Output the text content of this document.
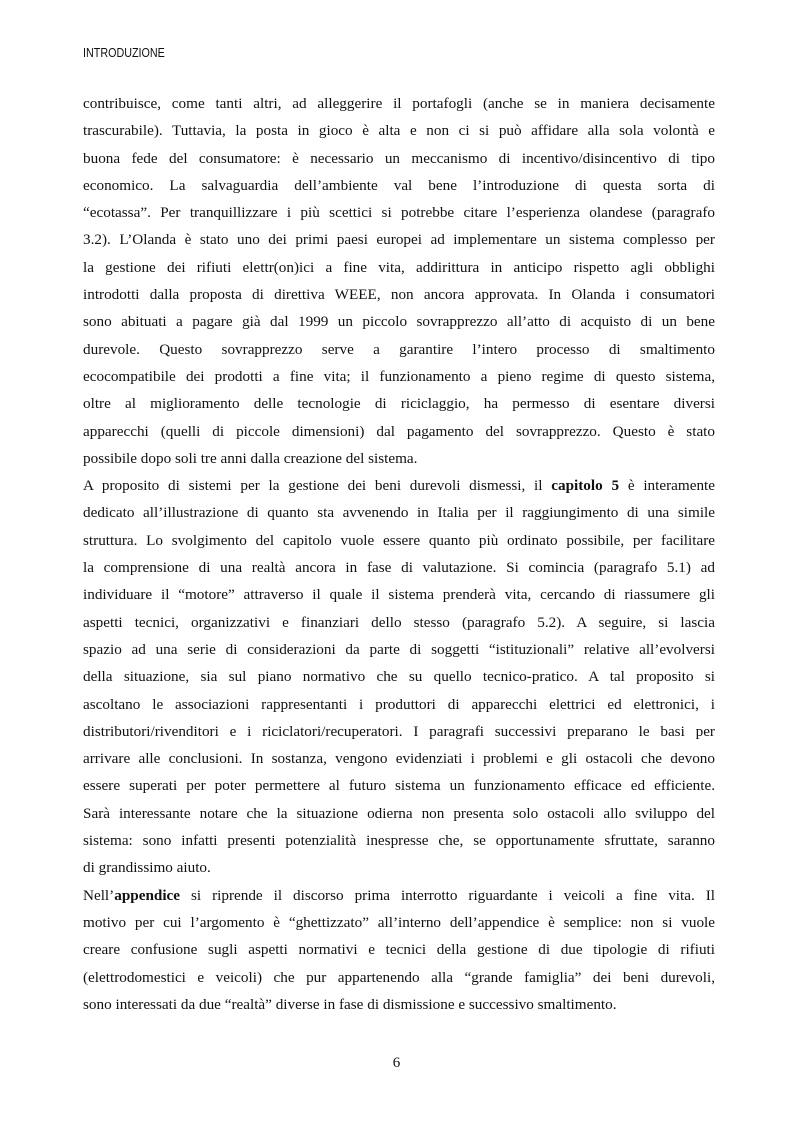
INTRODUZIONE
contribuisce, come tanti altri, ad alleggerire il portafogli (anche se in maniera decisamente
trascurabile). Tuttavia, la posta in gioco è alta e non ci si può affidare alla sola volontà e
buona fede del consumatore: è necessario un meccanismo di incentivo/disincentivo di tipo
economico. La salvaguardia dell’ambiente val bene l’introduzione di questa sorta di
“ecotassa”. Per tranquillizzare i più scettici si potrebbe citare l’esperienza olandese (paragrafo
3.2). L’Olanda è stato uno dei primi paesi europei ad implementare un sistema complesso per
la gestione dei rifiuti elettr(on)ici a fine vita, addirittura in anticipo rispetto agli obblighi
introdotti dalla proposta di direttiva WEEE, non ancora approvata. In Olanda i consumatori
sono abituati a pagare già dal 1999 un piccolo sovrapprezzo all’atto di acquisto di un bene
durevole. Questo sovrapprezzo serve a garantire l’intero processo di smaltimento
ecocompatibile dei prodotti a fine vita; il funzionamento a pieno regime di questo sistema,
oltre al miglioramento delle tecnologie di riciclaggio, ha permesso di esentare diversi
apparecchi (quelli di piccole dimensioni) dal pagamento del sovrapprezzo. Questo è stato
possibile dopo soli tre anni dalla creazione del sistema.
A proposito di sistemi per la gestione dei beni durevoli dismessi, il capitolo 5 è interamente
dedicato all’illustrazione di quanto sta avvenendo in Italia per il raggiungimento di una simile
struttura. Lo svolgimento del capitolo vuole essere quanto più ordinato possibile, per facilitare
la comprensione di una realtà ancora in fase di valutazione. Si comincia (paragrafo 5.1) ad
individuare il “motore” attraverso il quale il sistema prenderà vita, cercando di riassumere gli
aspetti tecnici, organizzativi e finanziari dello stesso (paragrafo 5.2). A seguire, si lascia
spazio ad una serie di considerazioni da parte di soggetti “istituzionali” relative all’evolversi
della situazione, sia sul piano normativo che su quello tecnico-pratico. A tal proposito si
ascoltano le associazioni rappresentanti i produttori di apparecchi elettrici ed elettronici, i
distributori/rivenditori e i riciclatori/recuperatori. I paragrafi successivi preparano le basi per
arrivare alle conclusioni. In sostanza, vengono evidenziati i problemi e gli ostacoli che devono
essere superati per poter permettere al futuro sistema un funzionamento efficace ed efficiente.
Sarà interessante notare che la situazione odierna non presenta solo ostacoli allo sviluppo del
sistema: sono infatti presenti potenzialità inespresse che, se opportunamente sfruttate, saranno
di grandissimo aiuto.
Nell’appendice si riprende il discorso prima interrotto riguardante i veicoli a fine vita. Il
motivo per cui l’argomento è “ghettizzato” all’interno dell’appendice è semplice: non si vuole
creare confusione sugli aspetti normativi e tecnici della gestione di due tipologie di rifiuti
(elettrodomestici e veicoli) che pur appartenendo alla “grande famiglia” dei beni durevoli,
sono interessati da due “realtà” diverse in fase di dismissione e successivo smaltimento.
6
